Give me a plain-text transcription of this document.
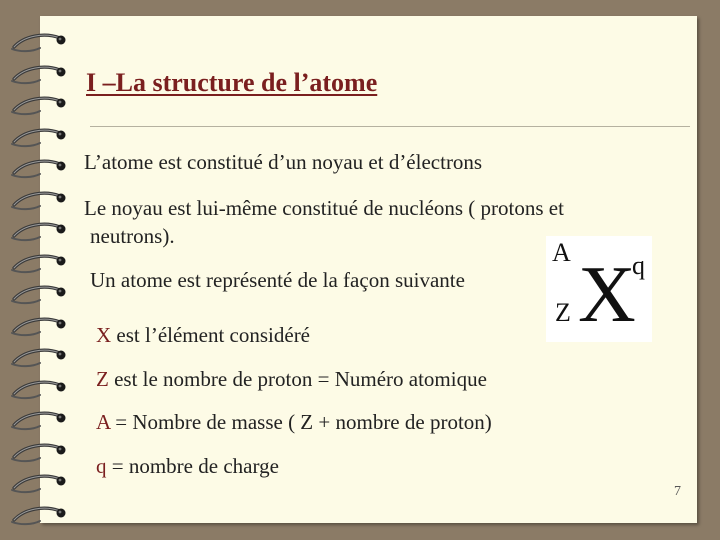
I –La structure de l’atome
L’atome est constitué d’un noyau et d’électrons
Le noyau est lui-même constitué de nucléons ( protons et
neutrons).
Un atome est représenté de la façon suivante
A q
Z X
X est l’élément considéré
Z est le nombre de proton = Numéro atomique
A = Nombre de masse ( Z + nombre de proton)
q = nombre de charge
7
